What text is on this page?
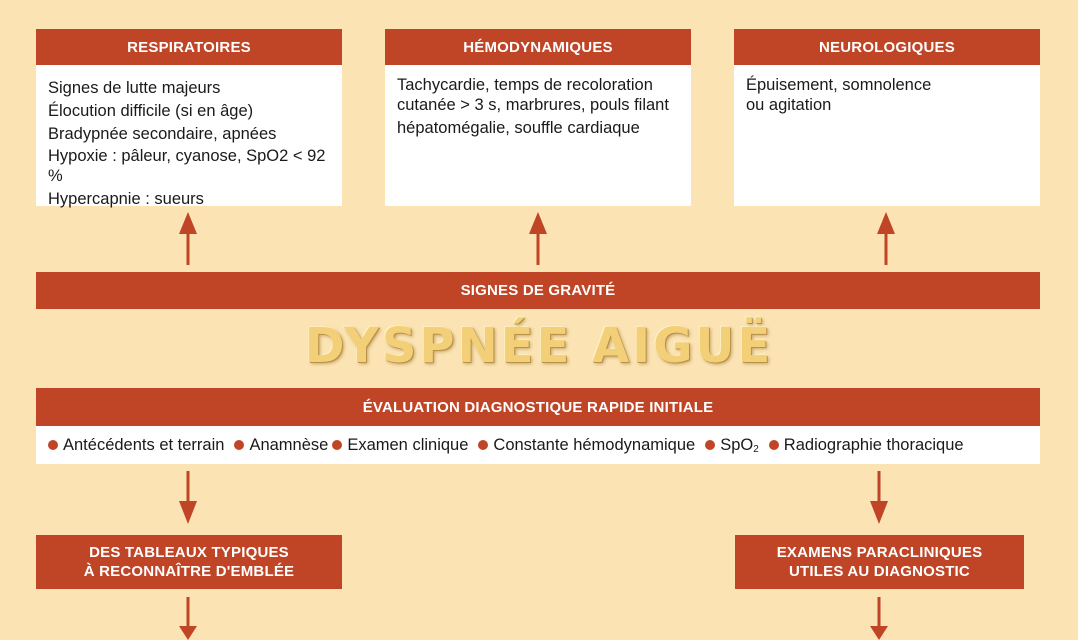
RESPIRATOIRES	HÉMODYNAMIQUES	NEUROLOGIQUES
Signes de lutte majeurs
Élocution difficile (si en âge)
Bradypnée secondaire, apnées
Hypoxie : pâleur, cyanose, SpO2 < 92 %
Hypercapnie : sueurs
Tachycardie, temps de recoloration
cutanée > 3 s, marbrures, pouls filant
hépatomégalie, souffle cardiaque
Épuisement, somnolence
ou agitation
SIGNES DE GRAVITÉ
DYSPNÉE AIGUË
ÉVALUATION DIAGNOSTIQUE RAPIDE INITIALE
Antécédents et terrain Anamnèse Examen clinique Constante hémodynamique SpO$_2$ Radiographie thoracique
DES TABLEAUX TYPIQUES
À RECONNAÎTRE D'EMBLÉE
EXAMENS PARACLINIQUES
UTILES AU DIAGNOSTIC
